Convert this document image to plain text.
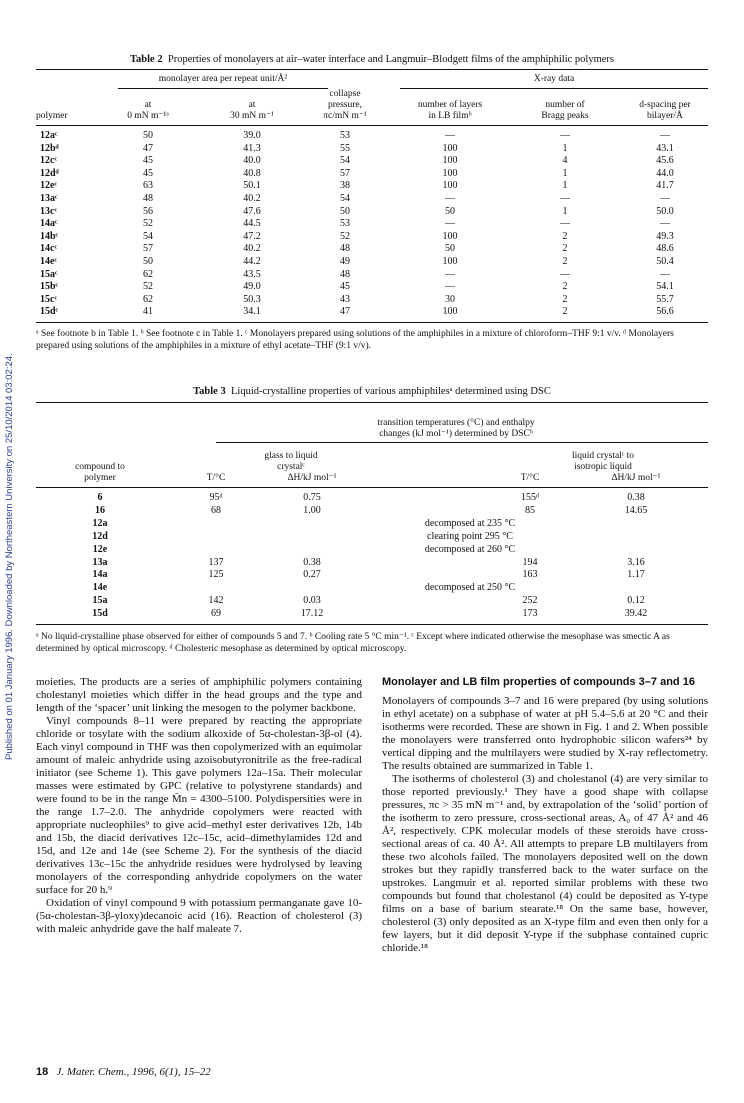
Published on 01 January 1996. Downloaded by Northeastern University on 25/10/2014 03:02:24.
Table 2 Properties of monolayers at air–water interface and Langmuir–Blodgett films of the amphiphilic polymers
monolayer area per repeat unit/Å²	X-ray data
polymer
at
0 mN m⁻¹ᵃ
at
30 mN m⁻¹
collapse
pressure,
πc/mN m⁻¹
number of layers
in LB filmᵇ
number of
Bragg peaks
d-spacing per
bilayer/Å
12aᶜ	50	39.0	53	—	—	—
12bᵈ	47	41.3	55	100	1	43.1
12cᶜ	45	40.0	54	100	4	45.6
12dᵈ	45	40.8	57	100	1	44.0
12eᶜ	63	50.1	38	100	1	41.7
13aᶜ	48	40.2	54	—	—	—
13cᶜ	56	47.6	50	50	1	50.0
14aᶜ	52	44.5	53	—	—	—
14bᶜ	54	47.2	52	100	2	49.3
14cᶜ	57	40.2	48	50	2	48.6
14eᶜ	50	44.2	49	100	2	50.4
15aᶜ	62	43.5	48	—	—	—
15bᶜ	52	49.0	45	—	2	54.1
15cᶜ	62	50.3	43	30	2	55.7
15dᶜ	41	34.1	47	100	2	56.6
ᵃ See footnote b in Table 1. ᵇ See footnote c in Table 1. ᶜ Monolayers prepared using solutions of the amphiphiles in a mixture of chloroform–THF 9:1 v/v. ᵈ Monolayers prepared using solutions of the amphiphiles in a mixture of ethyl acetate–THF (9:1 v/v).
Table 3 Liquid-crystalline properties of various amphiphilesᵃ determined using DSC
transition temperatures (°C) and enthalpy
changes (kJ mol⁻¹) determined by DSCᵇ
glass to liquid
crystalᶜ
liquid crystalᶜ to
isotropic liquid
compound to
polymer	T/°C	ΔH/kJ mol⁻¹	T/°C	ΔH/kJ mol⁻¹
6	95ᵈ	0.75	155ᵈ	0.38
16	68	1.00	85	14.65
12a	decomposed at 235 °C
12d	clearing point 295 °C
12e	decomposed at 260 °C
13a	137	0.38	194	3.16
14a	125	0.27	163	1.17
14e	decomposed at 250 °C
15a	142	0.03	252	0.12
15d	69	17.12	173	39.42
ᵃ No liquid-crystalline phase observed for either of compounds 5 and 7. ᵇ Cooling rate 5 °C min⁻¹. ᶜ Except where indicated otherwise the mesophase was smectic A as determined by optical microscopy. ᵈ Cholesteric mesophase as determined by optical microscopy.

moieties. The products are a series of amphiphilic polymers containing cholestanyl moieties which differ in the head groups and the type and length of the ‘spacer’ unit linking the mesogen to the polymer backbone.

Vinyl compounds 8–11 were prepared by reacting the appropriate chloride or tosylate with the sodium alkoxide of 5α-cholestan-3β-ol (4). Each vinyl compound in THF was then copolymerized with an equimolar amount of maleic anhydride using azoisobutyronitrile as the free-radical initiator (see Scheme 1). This gave polymers 12a–15a. Their molecular masses were estimated by GPC (relative to polystyrene standards) and were found to be in the range M̄n = 4300–5100. Polydispersities were in the range 1.7–2.0. The anhydride copolymers were reacted with appropriate nucleophiles⁹ to give acid–methyl ester derivatives 12b, 14b and 15b, the diacid derivatives 12c–15c, acid–dimethylamides 12d and 15d, and 12e and 14e (see Scheme 2). For the synthesis of the diacid derivatives 13c–15c the anhydride residues were hydrolysed by leaving monolayers of the corresponding anhydride copolymers on the water surface for 20 h.⁹

Oxidation of vinyl compound 9 with potassium permanganate gave 10-(5α-cholestan-3β-yloxy)decanoic acid (16). Reaction of cholesterol (3) with maleic anhydride gave the half maleate 7.

Monolayer and LB film properties of compounds 3–7 and 16

Monolayers of compounds 3–7 and 16 were prepared (by using solutions in ethyl acetate) on a subphase of water at pH 5.4–5.6 at 20 °C and their isotherms were recorded. These are shown in Fig. 1 and 2. When possible the monolayers were transferred onto hydrophobic silicon wafers²⁴ by vertical dipping and the multilayers were studied by X-ray reflectometry. The results obtained are summarized in Table 1.

The isotherms of cholesterol (3) and cholestanol (4) are very similar to those reported previously.¹ They have a good shape with collapse pressures, πc > 35 mN m⁻¹ and, by extrapolation of the ‘solid’ portion of the isotherm to zero pressure, cross-sectional areas, A₀ of 47 Å² and 46 Å², respectively. CPK molecular models of these steroids have cross-sectional areas of ca. 40 Å². All attempts to prepare LB multilayers from these two alcohols failed. The monolayers deposited well on the down strokes but they rapidly transferred back to the water surface on the upstrokes. Langmuir et al. reported similar problems with these two compounds but found that cholestanol (4) could be deposited as Y-type films on a base of barium stearate.¹⁸ On the same base, however, cholesterol (3) only deposited as an X-type film and even then only for a few layers, but it did deposit Y-type if the subphase contained cupric chloride.¹⁸

18 J. Mater. Chem., 1996, 6(1), 15–22
